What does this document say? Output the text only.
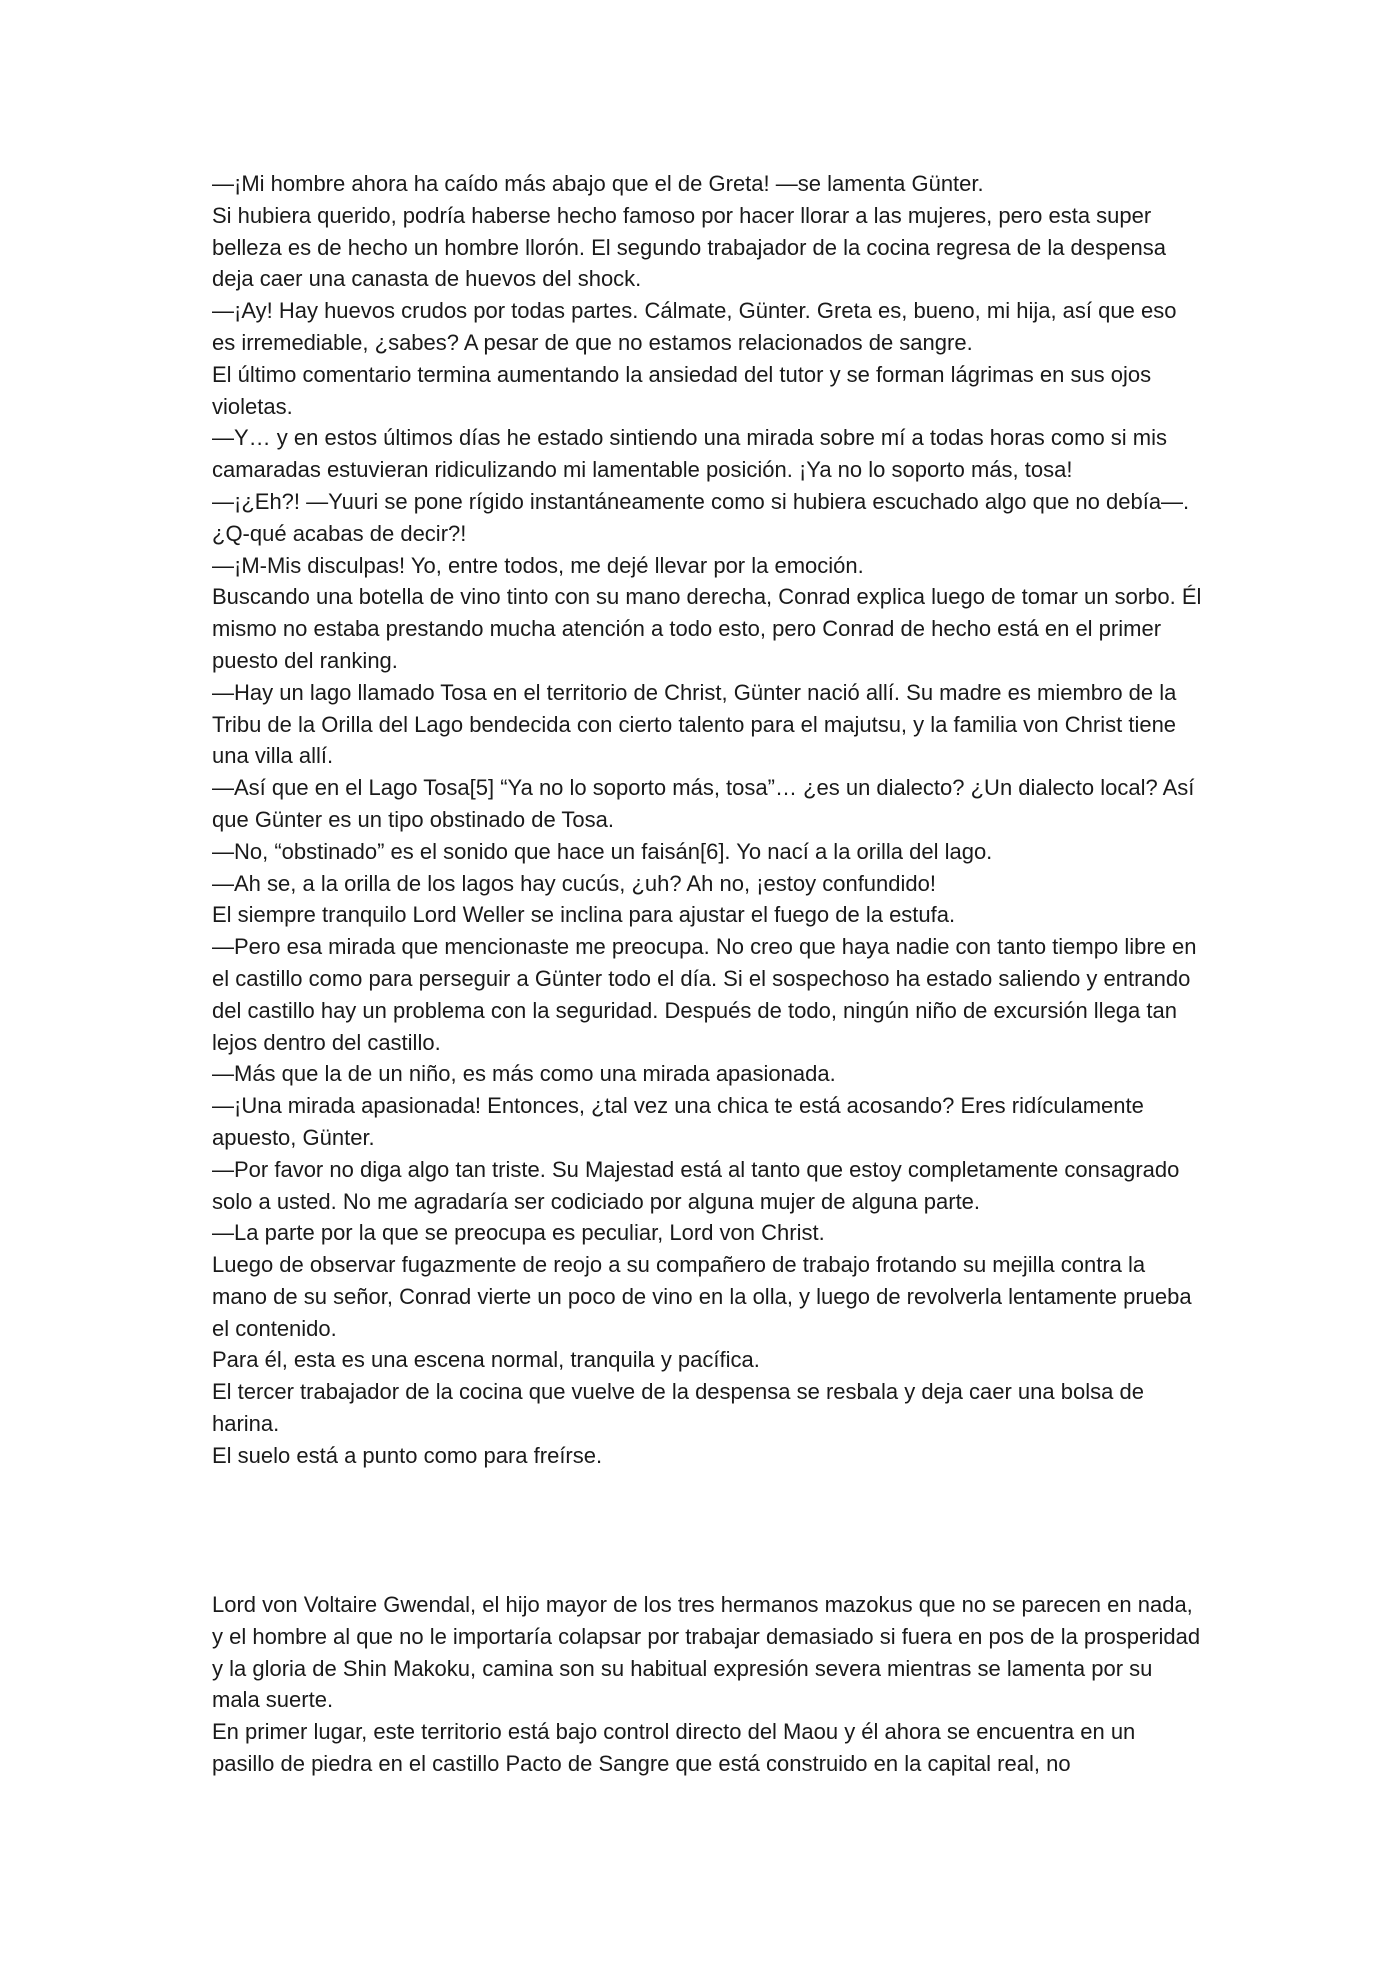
—¡Mi hombre ahora ha caído más abajo que el de Greta! —se lamenta Günter.

Si hubiera querido, podría haberse hecho famoso por hacer llorar a las mujeres, pero esta super belleza es de hecho un hombre llorón. El segundo trabajador de la cocina regresa de la despensa deja caer una canasta de huevos del shock.

—¡Ay! Hay huevos crudos por todas partes. Cálmate, Günter. Greta es, bueno, mi hija, así que eso es irremediable, ¿sabes? A pesar de que no estamos relacionados de sangre.

El último comentario termina aumentando la ansiedad del tutor y se forman lágrimas en sus ojos violetas.

—Y… y en estos últimos días he estado sintiendo una mirada sobre mí a todas horas como si mis camaradas estuvieran ridiculizando mi lamentable posición. ¡Ya no lo soporto más, tosa!

—¡¿Eh?! —Yuuri se pone rígido instantáneamente como si hubiera escuchado algo que no debía—. ¿Q-qué acabas de decir?!

—¡M-Mis disculpas! Yo, entre todos, me dejé llevar por la emoción.

Buscando una botella de vino tinto con su mano derecha, Conrad explica luego de tomar un sorbo. Él mismo no estaba prestando mucha atención a todo esto, pero Conrad de hecho está en el primer puesto del ranking.

—Hay un lago llamado Tosa en el territorio de Christ, Günter nació allí. Su madre es miembro de la Tribu de la Orilla del Lago bendecida con cierto talento para el majutsu, y la familia von Christ tiene una villa allí.

—Así que en el Lago Tosa[5] “Ya no lo soporto más, tosa”… ¿es un dialecto? ¿Un dialecto local? Así que Günter es un tipo obstinado de Tosa.

—No, “obstinado” es el sonido que hace un faisán[6]. Yo nací a la orilla del lago.

—Ah se, a la orilla de los lagos hay cucús, ¿uh? Ah no, ¡estoy confundido!

El siempre tranquilo Lord Weller se inclina para ajustar el fuego de la estufa.

—Pero esa mirada que mencionaste me preocupa. No creo que haya nadie con tanto tiempo libre en el castillo como para perseguir a Günter todo el día. Si el sospechoso ha estado saliendo y entrando del castillo hay un problema con la seguridad. Después de todo, ningún niño de excursión llega tan lejos dentro del castillo.

—Más que la de un niño, es más como una mirada apasionada.

—¡Una mirada apasionada! Entonces, ¿tal vez una chica te está acosando? Eres ridículamente apuesto, Günter.

—Por favor no diga algo tan triste. Su Majestad está al tanto que estoy completamente consagrado solo a usted. No me agradaría ser codiciado por alguna mujer de alguna parte.

—La parte por la que se preocupa es peculiar, Lord von Christ.

Luego de observar fugazmente de reojo a su compañero de trabajo frotando su mejilla contra la mano de su señor, Conrad vierte un poco de vino en la olla, y luego de revolverla lentamente prueba el contenido.

Para él, esta es una escena normal, tranquila y pacífica.

El tercer trabajador de la cocina que vuelve de la despensa se resbala y deja caer una bolsa de harina.

El suelo está a punto como para freírse.

Lord von Voltaire Gwendal, el hijo mayor de los tres hermanos mazokus que no se parecen en nada, y el hombre al que no le importaría colapsar por trabajar demasiado si fuera en pos de la prosperidad y la gloria de Shin Makoku, camina son su habitual expresión severa mientras se lamenta por su mala suerte.

En primer lugar, este territorio está bajo control directo del Maou y él ahora se encuentra en un pasillo de piedra en el castillo Pacto de Sangre que está construido en la capital real, no
